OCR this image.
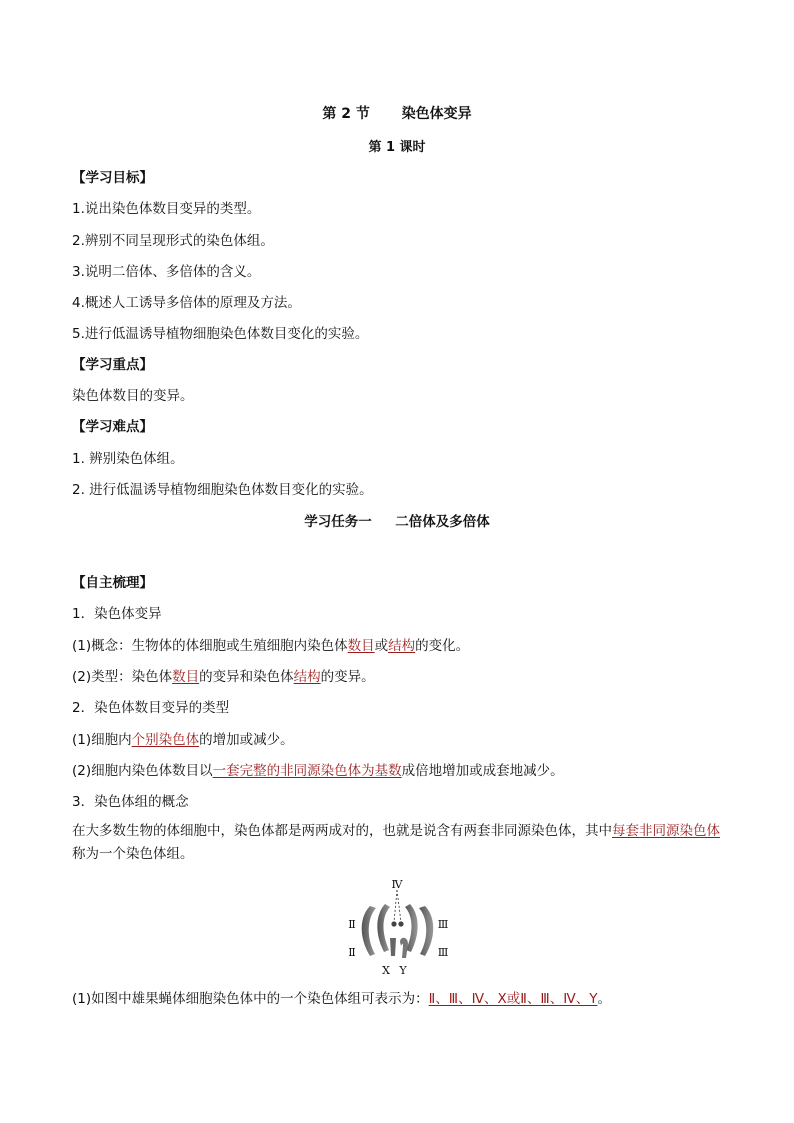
第 2 节 染色体变异
第 1 课时
【学习目标】
1.说出染色体数目变异的类型。
2.辨别不同呈现形式的染色体组。
3.说明二倍体、多倍体的含义。
4.概述人工诱导多倍体的原理及方法。
5.进行低温诱导植物细胞染色体数目变化的实验。
【学习重点】
染色体数目的变异。
【学习难点】
1. 辨别染色体组。
2. 进行低温诱导植物细胞染色体数目变化的实验。
学习任务一 二倍体及多倍体
【自主梳理】
1．染色体变异
(1)概念：生物体的体细胞或生殖细胞内染色体数目或结构的变化。
(2)类型：染色体数目的变异和染色体结构的变异。
2．染色体数目变异的类型
(1)细胞内个别染色体的增加或减少。
(2)细胞内染色体数目以一套完整的非同源染色体为基数成倍地增加或成套地减少。
3．染色体组的概念
在大多数生物的体细胞中，染色体都是两两成对的，也就是说含有两套非同源染色体，其中每套非同源染色体称为一个染色体组。
Ⅳ
Ⅱ
Ⅱ
Ⅲ
Ⅲ
X Y
(1)如图中雄果蝇体细胞染色体中的一个染色体组可表示为：Ⅱ、Ⅲ、Ⅳ、X或Ⅱ、Ⅲ、Ⅳ、Y。
